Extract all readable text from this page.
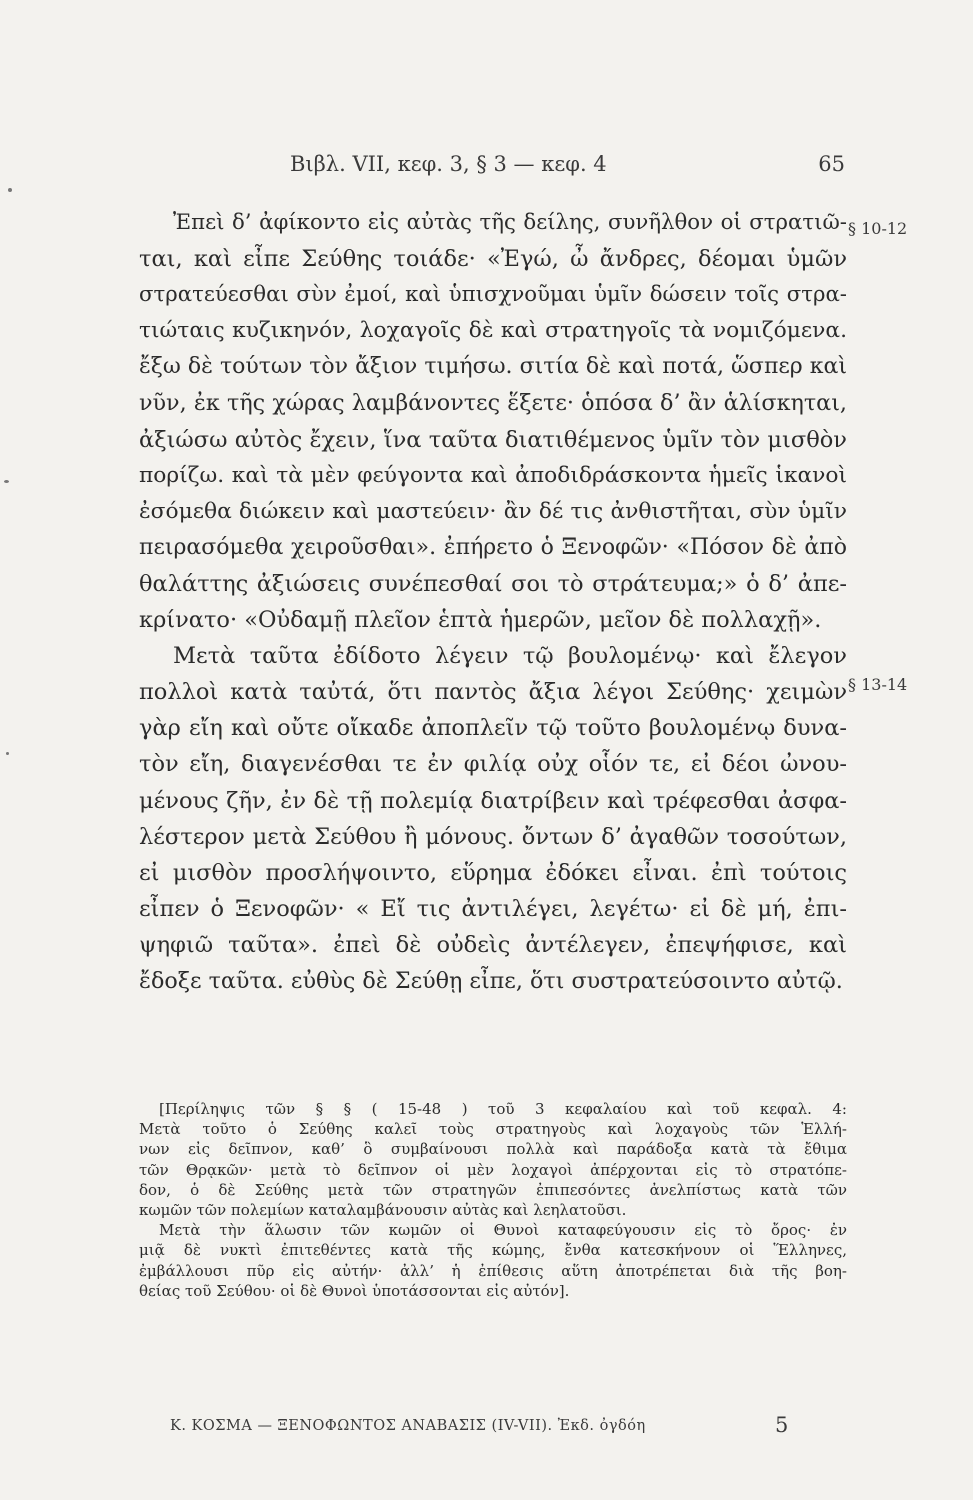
Βιβλ. VII, κεφ. 3, § 3 — κεφ. 4	65
§ 10-12
§ 13-14
Ἐπεὶ δ’ ἀφίκοντο εἰς αὐτὰς τῆς δείλης, συνῆλθον οἱ στρατιῶ-
ται, καὶ εἶπε Σεύθης τοιάδε· «Ἐγώ, ὦ ἄνδρες, δέομαι ὑμῶν
στρατεύεσθαι σὺν ἐμοί, καὶ ὑπισχνοῦμαι ὑμῖν δώσειν τοῖς στρα-
τιώταις κυζικηνόν, λοχαγοῖς δὲ καὶ στρατηγοῖς τὰ νομιζόμενα.
ἔξω δὲ τούτων τὸν ἄξιον τιμήσω. σιτία δὲ καὶ ποτά, ὥσπερ καὶ
νῦν, ἐκ τῆς χώρας λαμβάνοντες ἕξετε· ὁπόσα δ’ ἂν ἁλίσκηται,
ἀξιώσω αὐτὸς ἔχειν, ἵνα ταῦτα διατιθέμενος ὑμῖν τὸν μισθὸν
πορίζω. καὶ τὰ μὲν φεύγοντα καὶ ἀποδιδράσκοντα ἡμεῖς ἱκανοὶ
ἐσόμεθα διώκειν καὶ μαστεύειν· ἂν δέ τις ἀνθιστῆται, σὺν ὑμῖν
πειρασόμεθα χειροῦσθαι». ἐπήρετο ὁ Ξενοφῶν· «Πόσον δὲ ἀπὸ
θαλάττης ἀξιώσεις συνέπεσθαί σοι τὸ στράτευμα;» ὁ δ’ ἀπε-
κρίνατο· «Οὐδαμῇ πλεῖον ἑπτὰ ἡμερῶν, μεῖον δὲ πολλαχῇ».
Μετὰ ταῦτα ἐδίδοτο λέγειν τῷ βουλομένῳ· καὶ ἔλεγον
πολλοὶ κατὰ ταὐτά, ὅτι παντὸς ἄξια λέγοι Σεύθης· χειμὼν
γὰρ εἴη καὶ οὔτε οἴκαδε ἀποπλεῖν τῷ τοῦτο βουλομένῳ δυνα-
τὸν εἴη, διαγενέσθαι τε ἐν φιλίᾳ οὐχ οἷόν τε, εἰ δέοι ὠνου-
μένους ζῆν, ἐν δὲ τῇ πολεμίᾳ διατρίβειν καὶ τρέφεσθαι ἀσφα-
λέστερον μετὰ Σεύθου ἢ μόνους. ὄντων δ’ ἀγαθῶν τοσούτων,
εἰ μισθὸν προσλήψοιντο, εὕρημα ἐδόκει εἶναι. ἐπὶ τούτοις
εἶπεν ὁ Ξενοφῶν· « Εἴ τις ἀντιλέγει, λεγέτω· εἰ δὲ μή, ἐπι-
ψηφιῶ ταῦτα». ἐπεὶ δὲ οὐδεὶς ἀντέλεγεν, ἐπεψήφισε, καὶ
ἔδοξε ταῦτα. εὐθὺς δὲ Σεύθῃ εἶπε, ὅτι συστρατεύσοιντο αὐτῷ.
[Περίληψις τῶν § § ( 15-48 ) τοῦ 3 κεφαλαίου καὶ τοῦ κεφαλ. 4:
Μετὰ τοῦτο ὁ Σεύθης καλεῖ τοὺς στρατηγοὺς καὶ λοχαγοὺς τῶν Ἑλλή-
νων εἰς δεῖπνον, καθ’ ὃ συμβαίνουσι πολλὰ καὶ παράδοξα κατὰ τὰ ἔθιμα
τῶν Θρᾳκῶν· μετὰ τὸ δεῖπνον οἱ μὲν λοχαγοὶ ἀπέρχονται εἰς τὸ στρατόπε-
δον, ὁ δὲ Σεύθης μετὰ τῶν στρατηγῶν ἐπιπεσόντες ἀνελπίστως κατὰ τῶν
κωμῶν τῶν πολεμίων καταλαμβάνουσιν αὐτὰς καὶ λεηλατοῦσι.
Μετὰ τὴν ἅλωσιν τῶν κωμῶν οἱ Θυνοὶ καταφεύγουσιν εἰς τὸ ὄρος· ἐν
μιᾷ δὲ νυκτὶ ἐπιτεθέντες κατὰ τῆς κώμης, ἔνθα κατεσκήνουν οἱ Ἕλληνες,
ἐμβάλλουσι πῦρ εἰς αὐτήν· ἀλλ’ ἡ ἐπίθεσις αὕτη ἀποτρέπεται διὰ τῆς βοη-
θείας τοῦ Σεύθου· οἱ δὲ Θυνοὶ ὑποτάσσονται εἰς αὐτόν].
Κ. ΚΟΣΜΑ — ΞΕΝΟΦΩΝΤΟΣ ΑΝΑΒΑΣΙΣ (IV-VII). Ἐκδ. ὀγδόη	5
